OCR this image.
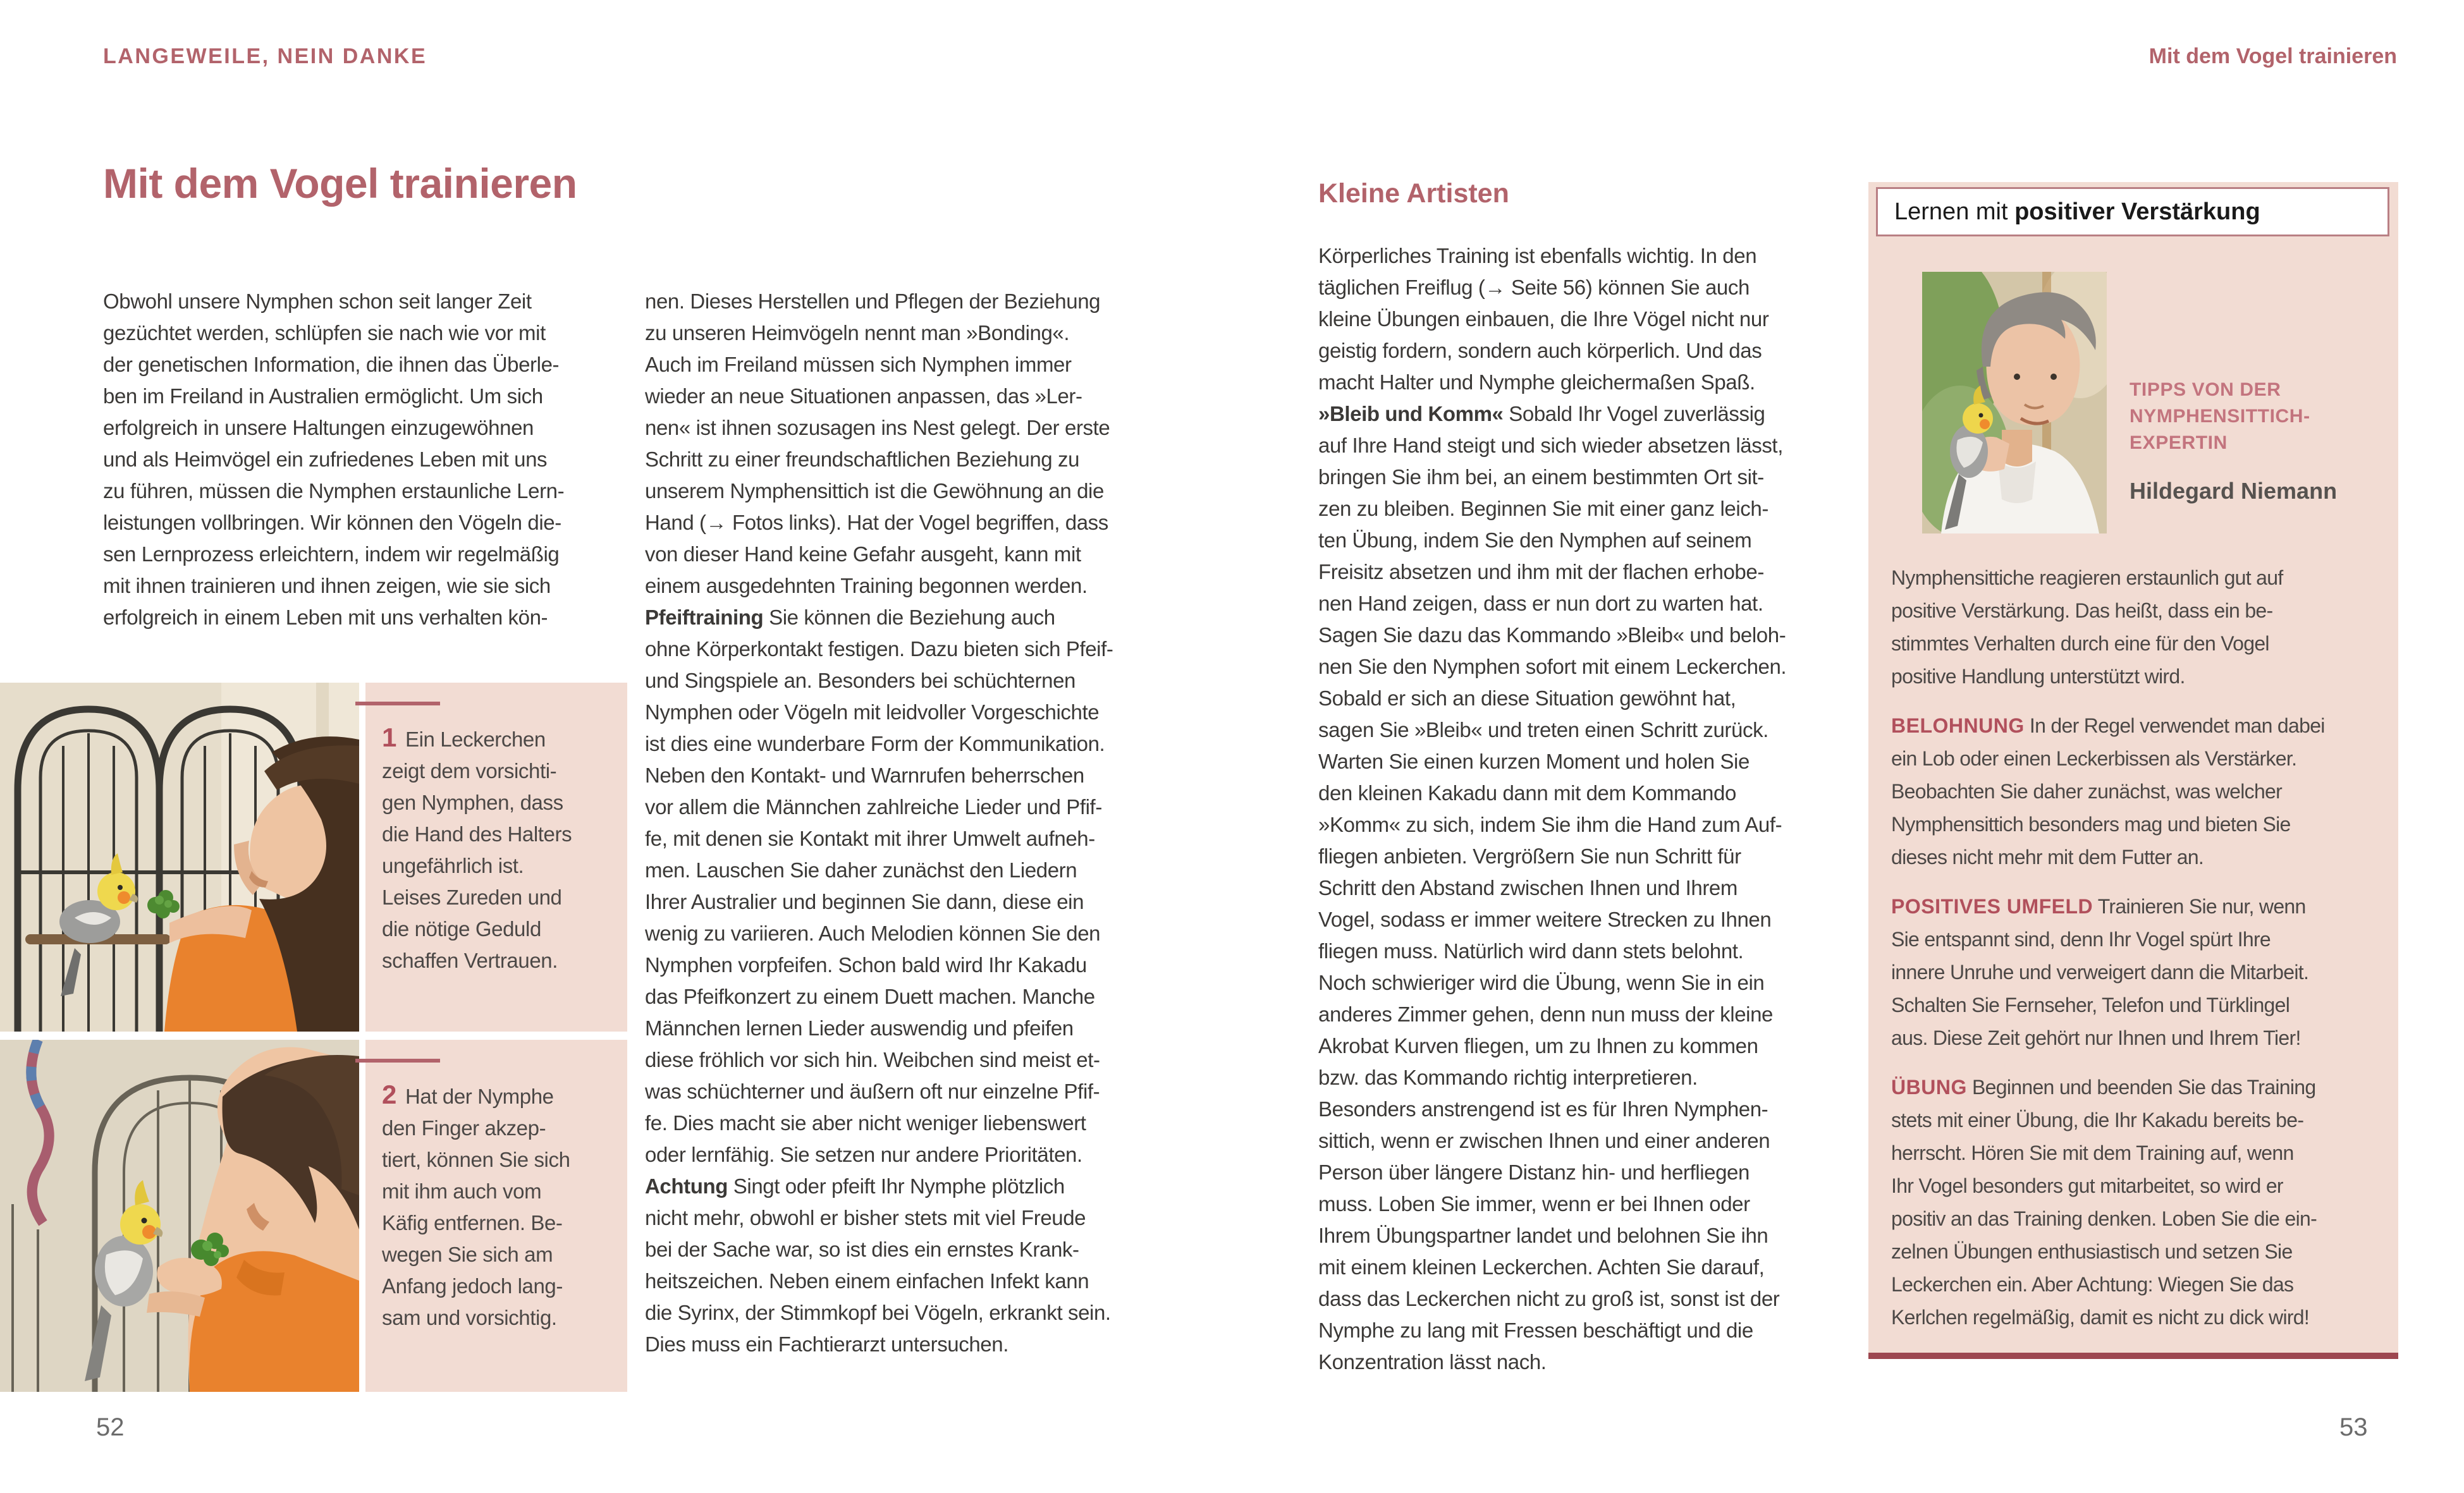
LANGEWEILE, NEIN DANKE	Mit dem Vogel trainieren
Mit dem Vogel trainieren
Obwohl unsere Nymphen schon seit langer Zeit
gezüchtet werden, schlüpfen sie nach wie vor mit
der genetischen Information, die ihnen das Überle-
ben im Freiland in Australien ermöglicht. Um sich
erfolgreich in unsere Haltungen einzugewöhnen
und als Heimvögel ein zufriedenes Leben mit uns
zu führen, müssen die Nymphen erstaunliche Lern-
leistungen vollbringen. Wir können den Vögeln die-
sen Lernprozess erleichtern, indem wir regelmäßig
mit ihnen trainieren und ihnen zeigen, wie sie sich
erfolgreich in einem Leben mit uns verhalten kön-
nen. Dieses Herstellen und Pflegen der Beziehung
zu unseren Heimvögeln nennt man »Bonding«.
Auch im Freiland müssen sich Nymphen immer
wieder an neue Situationen anpassen, das »Ler-
nen« ist ihnen sozusagen ins Nest gelegt. Der erste
Schritt zu einer freundschaftlichen Beziehung zu
unserem Nymphensittich ist die Gewöhnung an die
Hand (→ Fotos links). Hat der Vogel begriffen, dass
von dieser Hand keine Gefahr ausgeht, kann mit
einem ausgedehnten Training begonnen werden.
Pfeiftraining Sie können die Beziehung auch
ohne Körperkontakt festigen. Dazu bieten sich Pfeif-
und Singspiele an. Besonders bei schüchternen
Nymphen oder Vögeln mit leidvoller Vorgeschichte
ist dies eine wunderbare Form der Kommunikation.
Neben den Kontakt- und Warnrufen beherrschen
vor allem die Männchen zahlreiche Lieder und Pfif-
fe, mit denen sie Kontakt mit ihrer Umwelt aufneh-
men. Lauschen Sie daher zunächst den Liedern
Ihrer Australier und beginnen Sie dann, diese ein
wenig zu variieren. Auch Melodien können Sie den
Nymphen vorpfeifen. Schon bald wird Ihr Kakadu
das Pfeifkonzert zu einem Duett machen. Manche
Männchen lernen Lieder auswendig und pfeifen
diese fröhlich vor sich hin. Weibchen sind meist et-
was schüchterner und äußern oft nur einzelne Pfif-
fe. Dies macht sie aber nicht weniger liebenswert
oder lernfähig. Sie setzen nur andere Prioritäten.
Achtung Singt oder pfeift Ihr Nymphe plötzlich
nicht mehr, obwohl er bisher stets mit viel Freude
bei der Sache war, so ist dies ein ernstes Krank-
heitszeichen. Neben einem einfachen Infekt kann
die Syrinx, der Stimmkopf bei Vögeln, erkrankt sein.
Dies muss ein Fachtierarzt untersuchen.
1 Ein Leckerchen
zeigt dem vorsichti-
gen Nymphen, dass
die Hand des Halters
ungefährlich ist.
Leises Zureden und
die nötige Geduld
schaffen Vertrauen.
2 Hat der Nymphe
den Finger akzep-
tiert, können Sie sich
mit ihm auch vom
Käfig entfernen. Be-
wegen Sie sich am
Anfang jedoch lang-
sam und vorsichtig.
Kleine Artisten
Körperliches Training ist ebenfalls wichtig. In den
täglichen Freiflug (→ Seite 56) können Sie auch
kleine Übungen einbauen, die Ihre Vögel nicht nur
geistig fordern, sondern auch körperlich. Und das
macht Halter und Nymphe gleichermaßen Spaß.
»Bleib und Komm« Sobald Ihr Vogel zuverlässig
auf Ihre Hand steigt und sich wieder absetzen lässt,
bringen Sie ihm bei, an einem bestimmten Ort sit-
zen zu bleiben. Beginnen Sie mit einer ganz leich-
ten Übung, indem Sie den Nymphen auf seinem
Freisitz absetzen und ihm mit der flachen erhobe-
nen Hand zeigen, dass er nun dort zu warten hat.
Sagen Sie dazu das Kommando »Bleib« und beloh-
nen Sie den Nymphen sofort mit einem Leckerchen.
Sobald er sich an diese Situation gewöhnt hat,
sagen Sie »Bleib« und treten einen Schritt zurück.
Warten Sie einen kurzen Moment und holen Sie
den kleinen Kakadu dann mit dem Kommando
»Komm« zu sich, indem Sie ihm die Hand zum Auf-
fliegen anbieten. Vergrößern Sie nun Schritt für
Schritt den Abstand zwischen Ihnen und Ihrem
Vogel, sodass er immer weitere Strecken zu Ihnen
fliegen muss. Natürlich wird dann stets belohnt.
Noch schwieriger wird die Übung, wenn Sie in ein
anderes Zimmer gehen, denn nun muss der kleine
Akrobat Kurven fliegen, um zu Ihnen zu kommen
bzw. das Kommando richtig interpretieren.
Besonders anstrengend ist es für Ihren Nymphen-
sittich, wenn er zwischen Ihnen und einer anderen
Person über längere Distanz hin- und herfliegen
muss. Loben Sie immer, wenn er bei Ihnen oder
Ihrem Übungspartner landet und belohnen Sie ihn
mit einem kleinen Leckerchen. Achten Sie darauf,
dass das Leckerchen nicht zu groß ist, sonst ist der
Nymphe zu lang mit Fressen beschäftigt und die
Konzentration lässt nach.
Lernen mit positiver Verstärkung
TIPPS VON DER
NYMPHENSITTICH-
EXPERTIN
Hildegard Niemann
Nymphensittiche reagieren erstaunlich gut auf
positive Verstärkung. Das heißt, dass ein be-
stimmtes Verhalten durch eine für den Vogel
positive Handlung unterstützt wird.
BELOHNUNG In der Regel verwendet man dabei
ein Lob oder einen Leckerbissen als Verstärker.
Beobachten Sie daher zunächst, was welcher
Nymphensittich besonders mag und bieten Sie
dieses nicht mehr mit dem Futter an.
POSITIVES UMFELD Trainieren Sie nur, wenn
Sie entspannt sind, denn Ihr Vogel spürt Ihre
innere Unruhe und verweigert dann die Mitarbeit.
Schalten Sie Fernseher, Telefon und Türklingel
aus. Diese Zeit gehört nur Ihnen und Ihrem Tier!
ÜBUNG Beginnen und beenden Sie das Training
stets mit einer Übung, die Ihr Kakadu bereits be-
herrscht. Hören Sie mit dem Training auf, wenn
Ihr Vogel besonders gut mitarbeitet, so wird er
positiv an das Training denken. Loben Sie die ein-
zelnen Übungen enthusiastisch und setzen Sie
Leckerchen ein. Aber Achtung: Wiegen Sie das
Kerlchen regelmäßig, damit es nicht zu dick wird!
52	53
